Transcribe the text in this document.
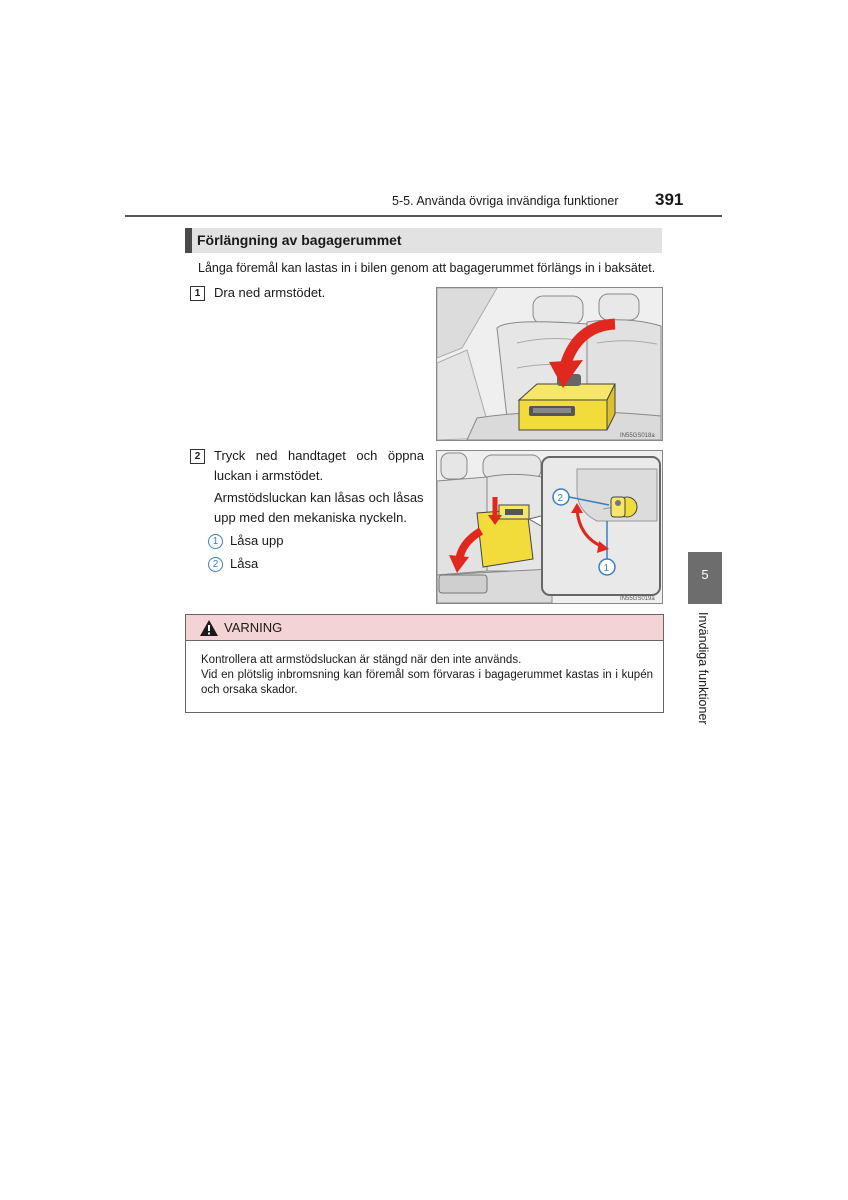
5-5. Använda övriga invändiga funktioner 391
Förlängning av bagagerummet
Långa föremål kan lastas in i bilen genom att bagagerummet förlängs in i baksätet.
1	Dra ned armstödet.
IN55GS018a
2	Tryck ned handtaget och öppna
luckan i armstödet.
Armstödsluckan kan låsas och låsas
upp med den mekaniska nyckeln.
1 Låsa upp
2 Låsa
2
1
IN55GS019a
VARNING
Kontrollera att armstödsluckan är stängd när den inte används.
Vid en plötslig inbromsning kan föremål som förvaras i bagagerummet kastas in i kupén och orsaka skador.
5
Invändiga funktioner
